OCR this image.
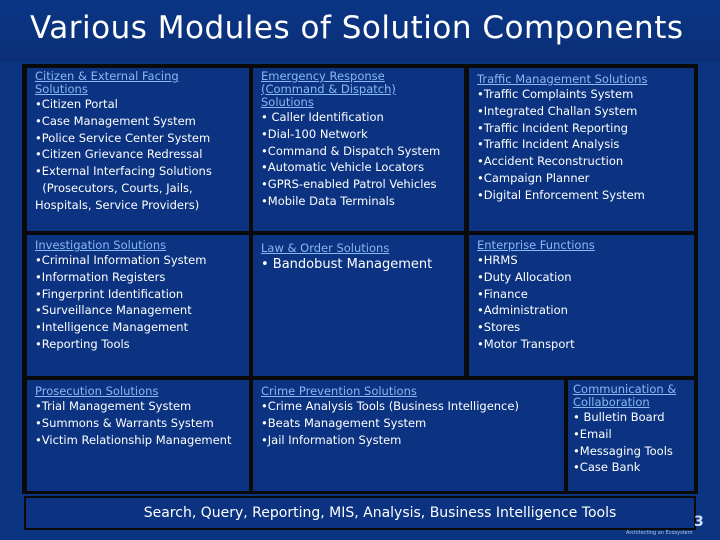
Various Modules of Solution Components
Citizen & External Facing
Solutions
•Citizen Portal
•Case Management System
•Police Service Center System
•Citizen Grievance Redressal
•External Interfacing Solutions
(Prosecutors, Courts, Jails,
Hospitals, Service Providers)
Emergency Response
(Command & Dispatch)
Solutions
• Caller Identification
•Dial-100 Network
•Command & Dispatch System
•Automatic Vehicle Locators
•GPRS-enabled Patrol Vehicles
•Mobile Data Terminals
Traffic Management Solutions
•Traffic Complaints System
•Integrated Challan System
•Traffic Incident Reporting
•Traffic Incident Analysis
•Accident Reconstruction
•Campaign Planner
•Digital Enforcement System
Investigation Solutions
•Criminal Information System
•Information Registers
•Fingerprint Identification
•Surveillance Management
•Intelligence Management
•Reporting Tools
Law & Order Solutions
• Bandobust Management
Enterprise Functions
•HRMS
•Duty Allocation
•Finance
•Administration
•Stores
•Motor Transport
Prosecution Solutions
•Trial Management System
•Summons & Warrants System
•Victim Relationship Management
Crime Prevention Solutions
•Crime Analysis Tools (Business Intelligence)
•Beats Management System
•Jail Information System
Communication &
Collaboration
• Bulletin Board
•Email
•Messaging Tools
•Case Bank
Search, Query, Reporting, MIS, Analysis, Business Intelligence Tools
3
Architecting an Ecosystem
